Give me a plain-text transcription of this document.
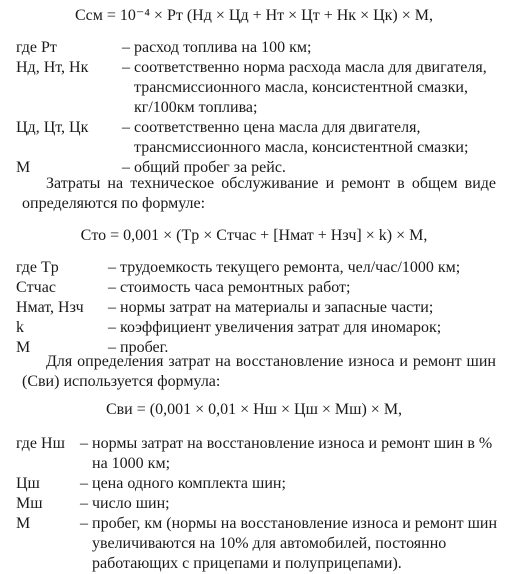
Cсм = 10⁻⁴ × Pт (Hд × Цд + Hт × Цт + Hк × Цк) × M,
где Pт	– расход топлива на 100 км;
Hд, Hт, Hк	– соответственно норма расхода масла для двигателя, трансмиссионного масла, консистентной смазки, кг/100км топлива;
Цд, Цт, Цк	– соответственно цена масла для двигателя, трансмиссионного масла, консистентной смазки;
M	– общий пробег за рейс.
Затраты на техническое обслуживание и ремонт в общем виде определяются по формуле:
Cто = 0,001 × (Tр × Cтчас + [Hмат + Hзч] × k) × M,
где Tр	– трудоемкость текущего ремонта, чел/час/1000 км;
Cтчас	– стоимость часа ремонтных работ;
Hмат, Hзч	– нормы затрат на материалы и запасные части;
k	– коэффициент увеличения затрат для иномарок;
M	– пробег.
Для определения затрат на восстановление износа и ремонт шин (Cви) используется формула:
Cви = (0,001 × 0,01 × Hш × Цш × Mш) × M,
где Hш – нормы затрат на восстановление износа и ремонт шин в % на 1000 км;
Цш	– цена одного комплекта шин;
Mш	– число шин;
M	– пробег, км (нормы на восстановление износа и ремонт шин увеличиваются на 10% для автомобилей, постоянно работающих с прицепами и полуприцепами).
